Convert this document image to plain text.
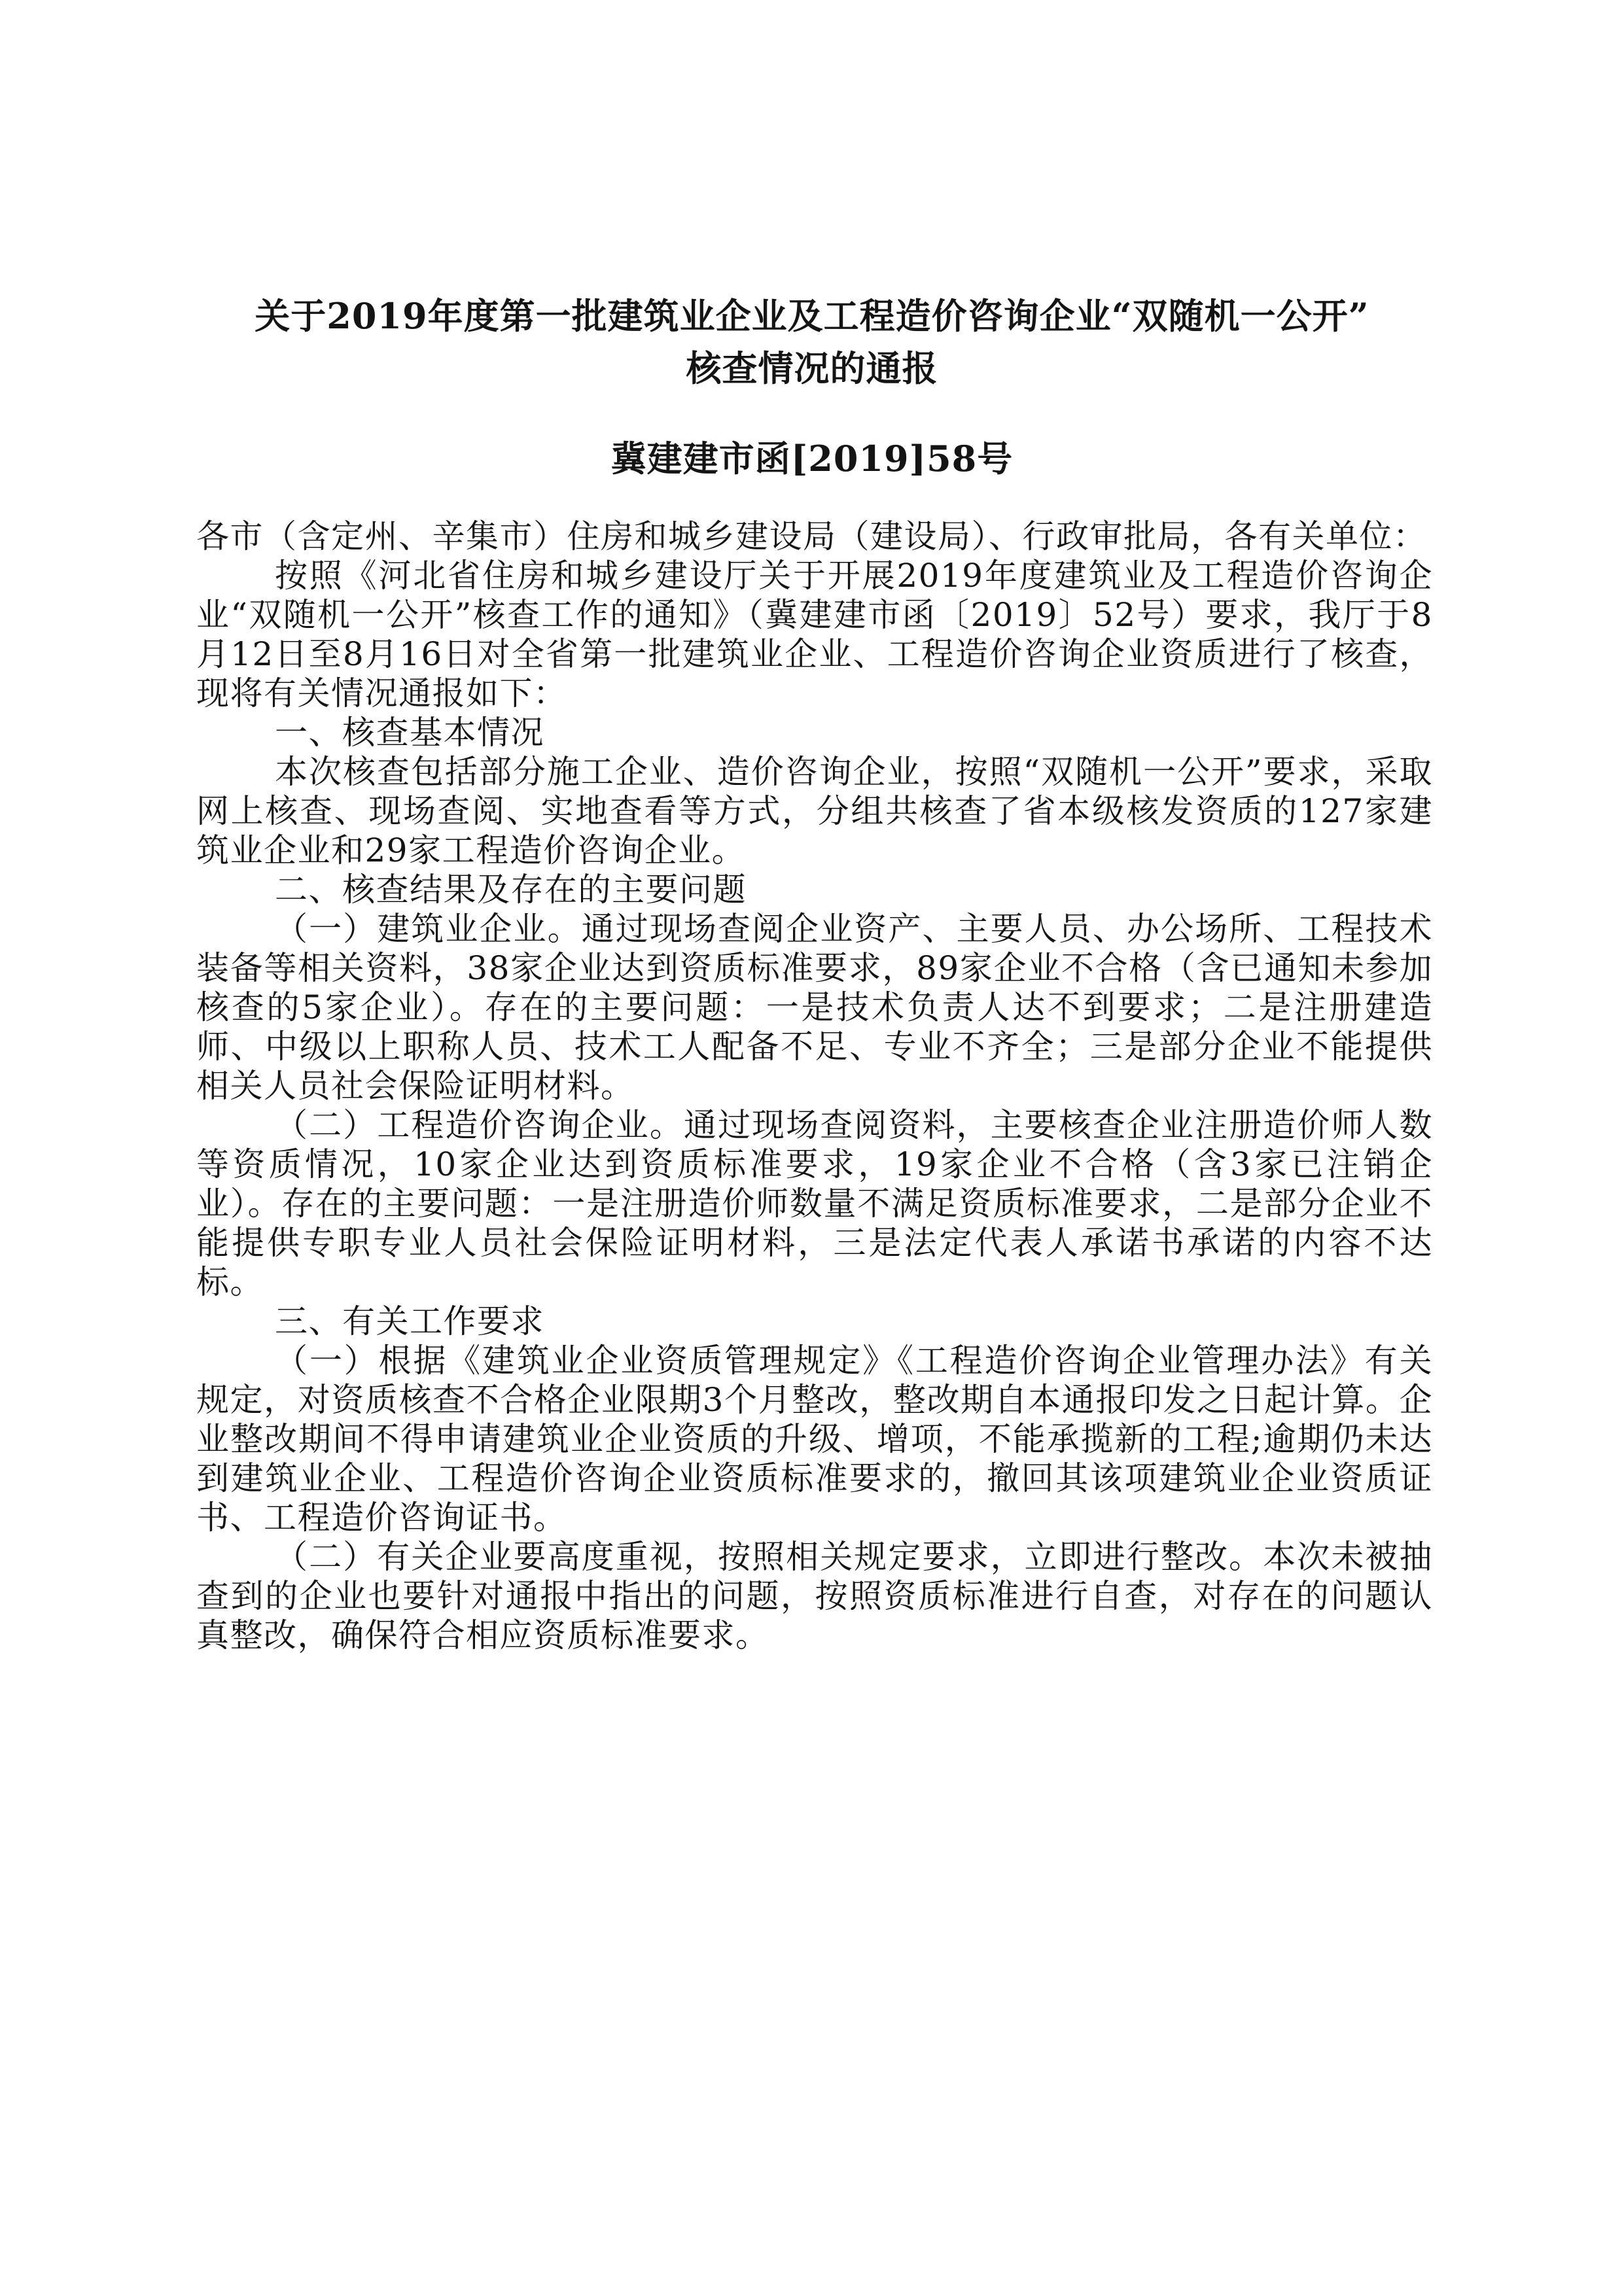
关于2019年度第一批建筑业企业及工程造价咨询企业“双随机一公开”
核查情况的通报
冀建建市函[2019]58号

各市（含定州、辛集市）住房和城乡建设局（建设局）、行政审批局，各有关单位：

按照《河北省住房和城乡建设厅关于开展2019年度建筑业及工程造价咨询企业“双随机一公开”核查工作的通知》（冀建建市函〔2019〕52号）要求，我厅于8月12日至8月16日对全省第一批建筑业企业、工程造价咨询企业资质进行了核查，现将有关情况通报如下：

一、核查基本情况

本次核查包括部分施工企业、造价咨询企业，按照“双随机一公开”要求，采取网上核查、现场查阅、实地查看等方式，分组共核查了省本级核发资质的127家建筑业企业和29家工程造价咨询企业。

二、核查结果及存在的主要问题

（一）建筑业企业。通过现场查阅企业资产、主要人员、办公场所、工程技术装备等相关资料，38家企业达到资质标准要求，89家企业不合格（含已通知未参加核查的5家企业）。存在的主要问题：一是技术负责人达不到要求；二是注册建造师、中级以上职称人员、技术工人配备不足、专业不齐全；三是部分企业不能提供相关人员社会保险证明材料。

（二）工程造价咨询企业。通过现场查阅资料，主要核查企业注册造价师人数等资质情况，10家企业达到资质标准要求，19家企业不合格（含3家已注销企业）。存在的主要问题：一是注册造价师数量不满足资质标准要求，二是部分企业不能提供专职专业人员社会保险证明材料，三是法定代表人承诺书承诺的内容不达标。

三、有关工作要求

（一）根据《建筑业企业资质管理规定》《工程造价咨询企业管理办法》有关规定，对资质核查不合格企业限期3个月整改，整改期自本通报印发之日起计算。企业整改期间不得申请建筑业企业资质的升级、增项，不能承揽新的工程;逾期仍未达到建筑业企业、工程造价咨询企业资质标准要求的，撤回其该项建筑业企业资质证书、工程造价咨询证书。

（二）有关企业要高度重视，按照相关规定要求，立即进行整改。本次未被抽查到的企业也要针对通报中指出的问题，按照资质标准进行自查，对存在的问题认真整改，确保符合相应资质标准要求。
